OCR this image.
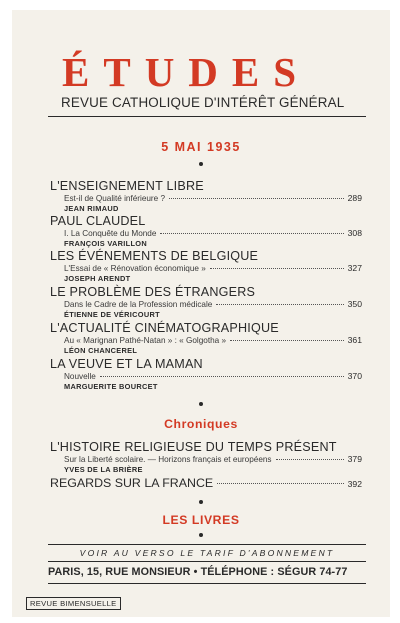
ÉTUDES
REVUE CATHOLIQUE D'INTÉRÊT GÉNÉRAL
5 MAI 1935
L'ENSEIGNEMENT LIBRE
Est-il de Qualité inférieure ?	289
JEAN RIMAUD
PAUL CLAUDEL
I. La Conquête du Monde	308
FRANÇOIS VARILLON
LES ÉVÉNEMENTS DE BELGIQUE
L'Essai de « Rénovation économique »	327
JOSEPH ARENDT
LE PROBLÈME DES ÉTRANGERS
Dans le Cadre de la Profession médicale	350
ÉTIENNE DE VÉRICOURT
L'ACTUALITÉ CINÉMATOGRAPHIQUE
Au « Marignan Pathé-Natan » : « Golgotha »	361
LÉON CHANCEREL
LA VEUVE ET LA MAMAN
Nouvelle	370
MARGUERITE BOURCET
Chroniques
L'HISTOIRE RELIGIEUSE DU TEMPS PRÉSENT
Sur la Liberté scolaire. — Horizons français et européens	379
YVES DE LA BRIÈRE
REGARDS SUR LA FRANCE	392
LES LIVRES
VOIR AU VERSO LE TARIF D'ABONNEMENT
PARIS, 15, RUE MONSIEUR • TÉLÉPHONE : SÉGUR 74-77
REVUE BIMENSUELLE
